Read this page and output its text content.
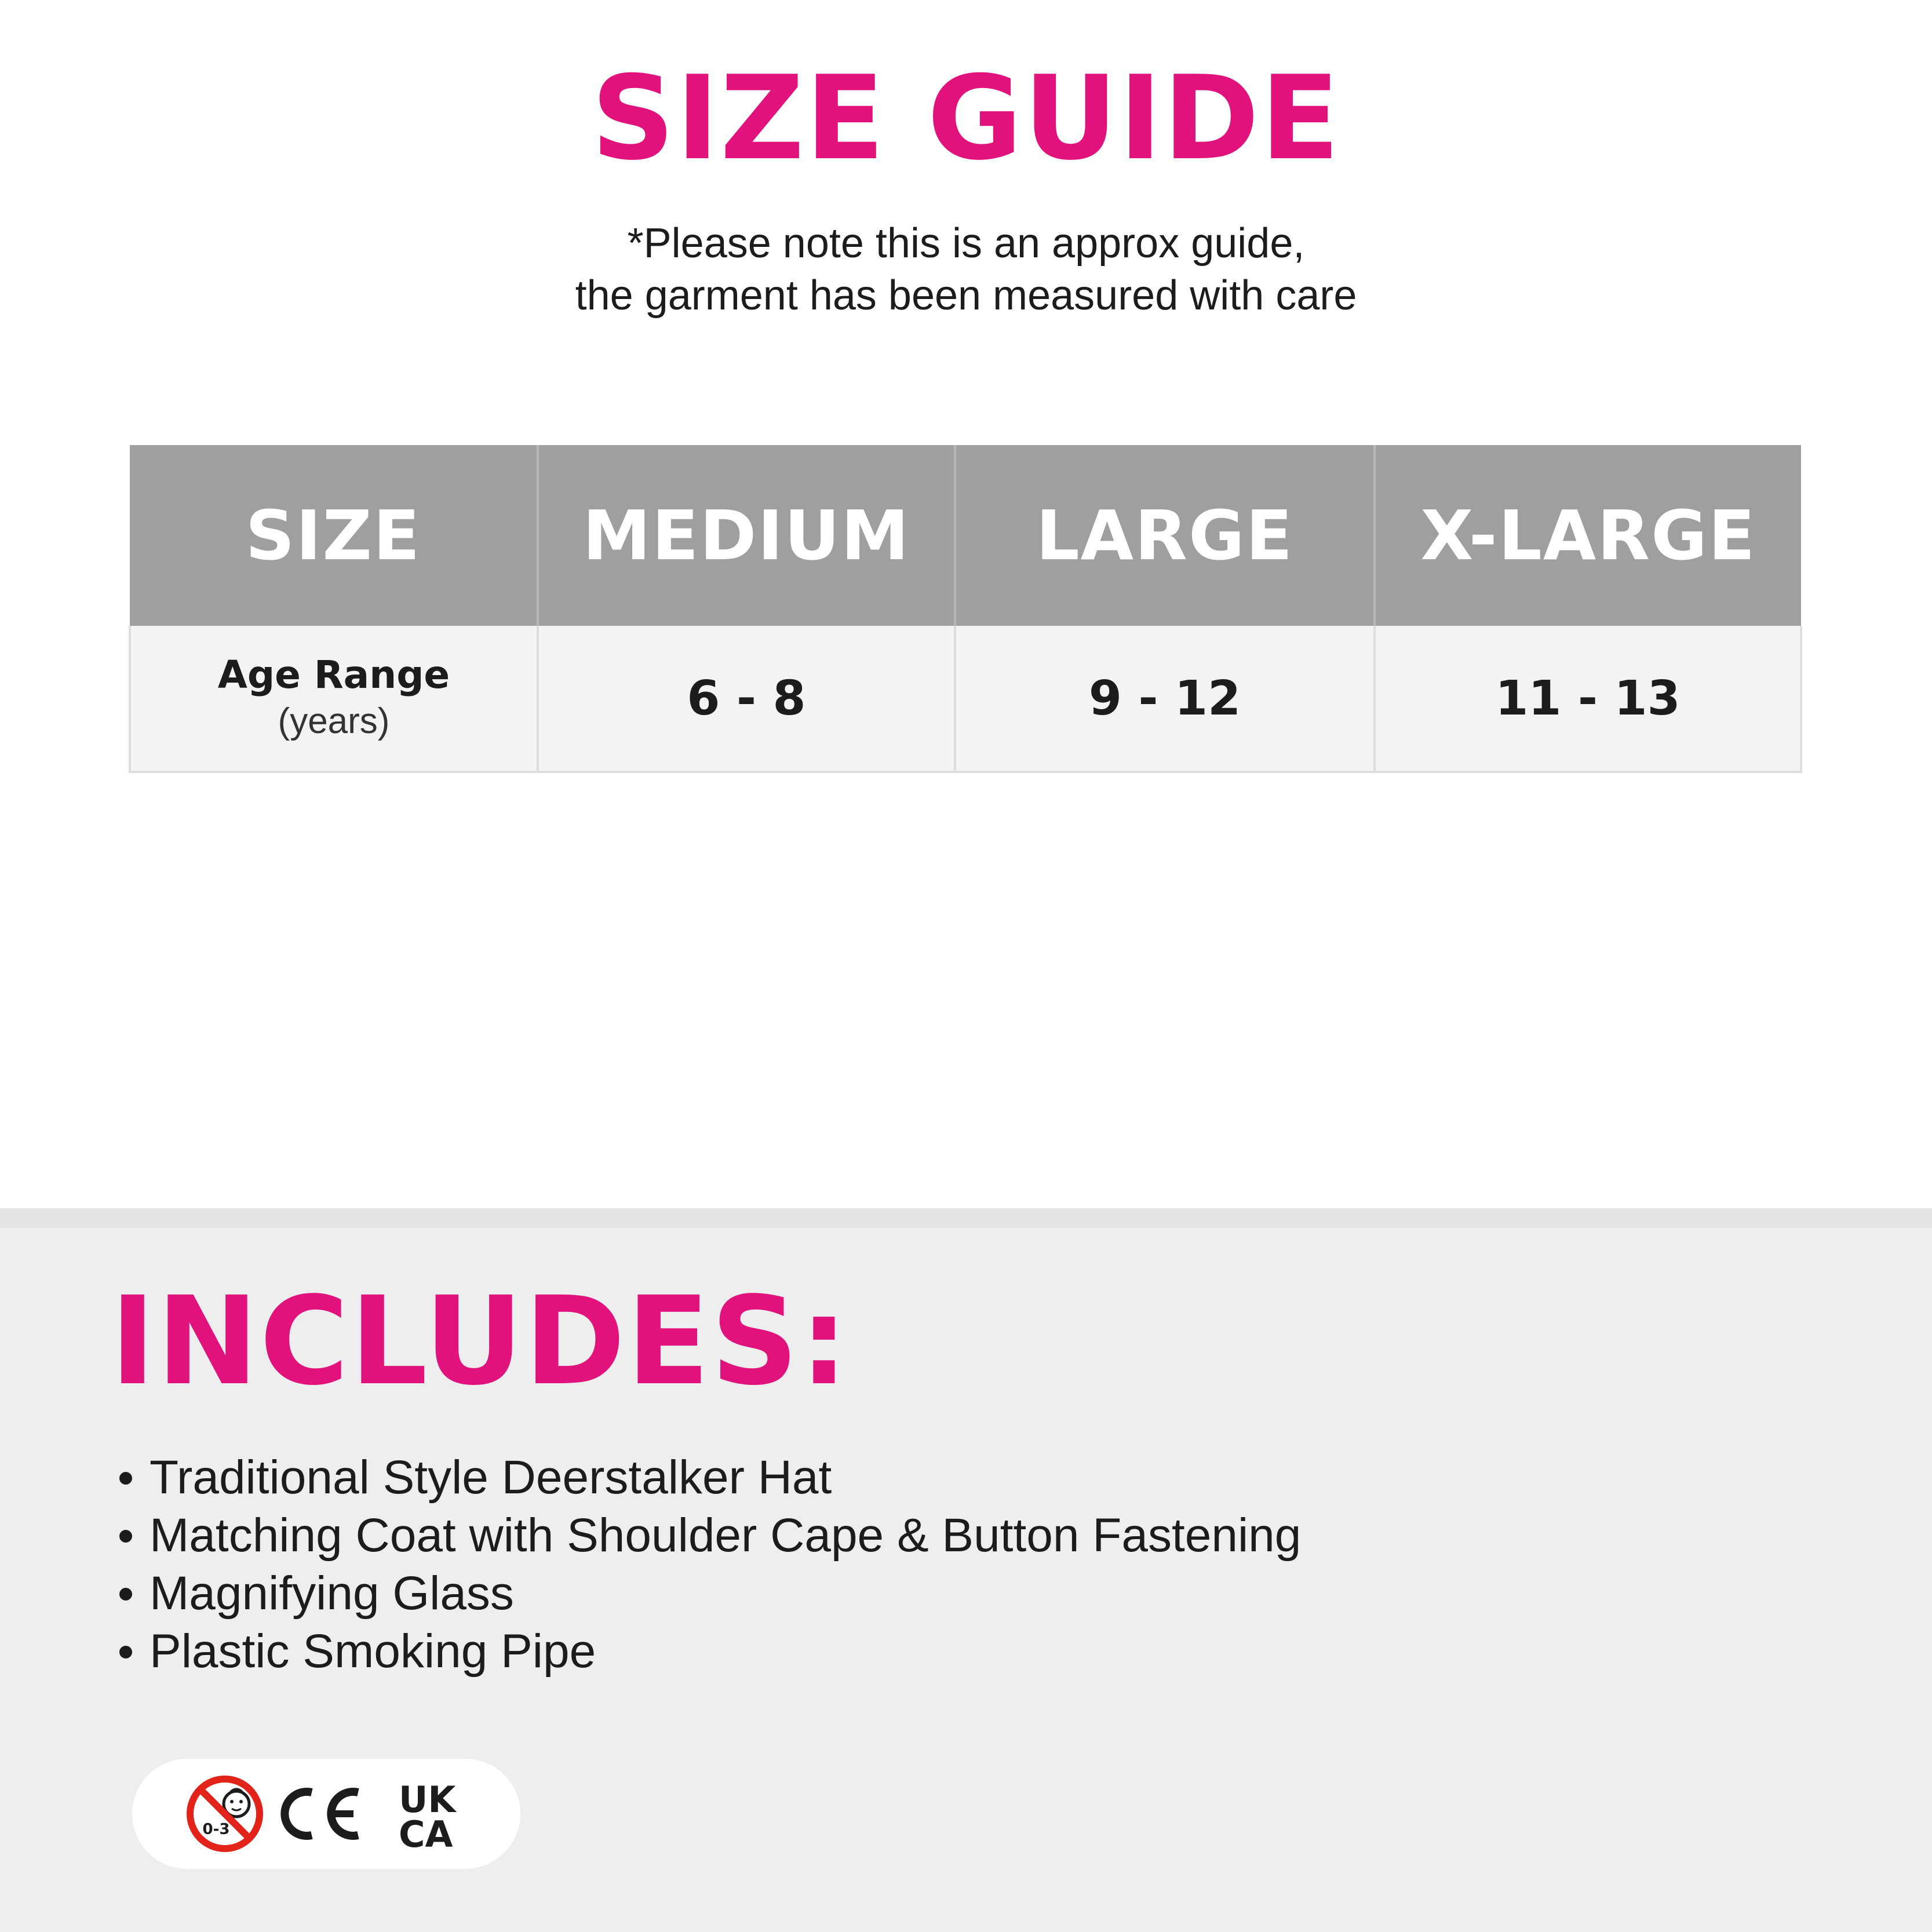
SIZE GUIDE
*Please note this is an approx guide,
the garment has been measured with care
SIZE	MEDIUM	LARGE	X-LARGE

Age Range
(years)	6 - 8	9 - 12	11 - 13
INCLUDES:
Traditional Style Deerstalker Hat
Matching Coat with Shoulder Cape & Button Fastening
Magnifying Glass
Plastic Smoking Pipe
0-3
UK
CA
